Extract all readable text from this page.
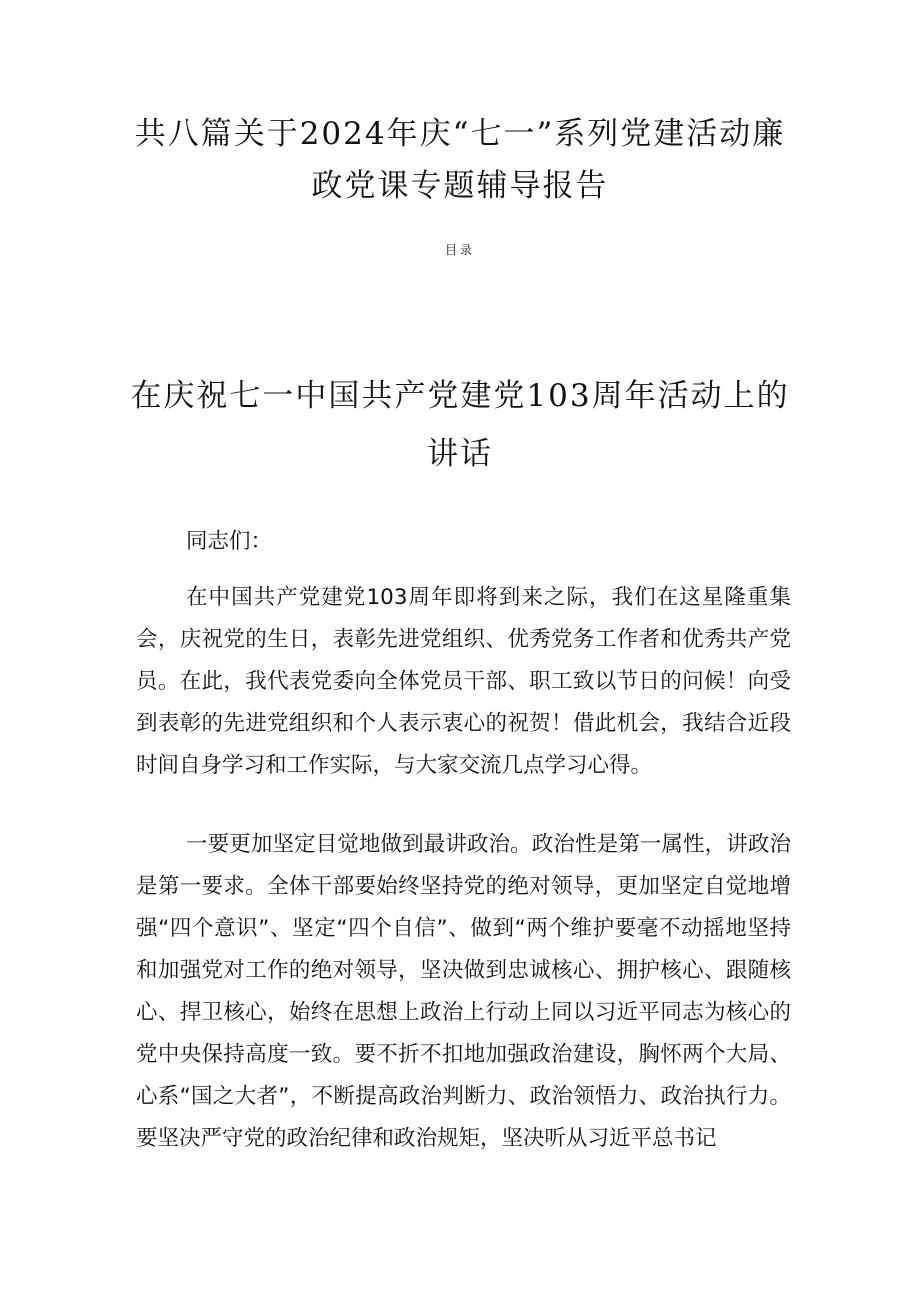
共八篇关于2024年庆“七一”系列党建活动廉政党课专题辅导报告
目录
在庆祝七一中国共产党建党103周年活动上的讲话

同志们：

在中国共产党建党103周年即将到来之际，我们在这星隆重集会，庆祝党的生日，表彰先进党组织、优秀党务工作者和优秀共产党员。在此，我代表党委向全体党员干部、职工致以节日的问候！向受到表彰的先进党组织和个人表示衷心的祝贺！借此机会，我结合近段时间自身学习和工作实际，与大家交流几点学习心得。

一要更加坚定目觉地做到最讲政治。政治性是第一属性，讲政治是第一要求。全体干部要始终坚持党的绝对领导，更加坚定自觉地增强“四个意识”、坚定“四个自信”、做到“两个维护要毫不动摇地坚持和加强党对工作的绝对领导，坚决做到忠诚核心、拥护核心、跟随核心、捍卫核心，始终在思想上政治上行动上同以习近平同志为核心的党中央保持高度一致。要不折不扣地加强政治建设，胸怀两个大局、心系“国之大者”，不断提高政治判断力、政治领悟力、政治执行力。要坚决严守党的政治纪律和政治规矩，坚决听从习近平总书记
